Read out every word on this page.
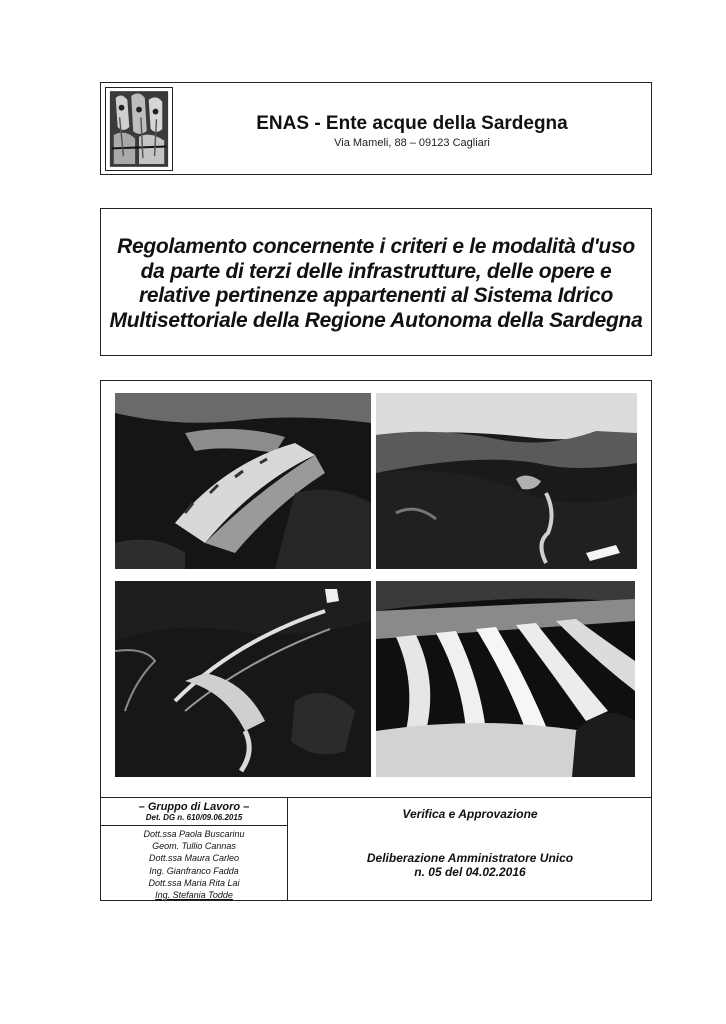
ENAS - Ente acque della Sardegna
Via Mameli, 88 – 09123 Cagliari
Regolamento concernente i criteri e le modalità d'uso da parte di terzi delle infrastrutture, delle opere e relative pertinenze appartenenti al Sistema Idrico Multisettoriale della Regione Autonoma della Sardegna
– Gruppo di Lavoro –
Det. DG n. 610/09.06.2015
Dott.ssa Paola Buscarinu
Geom. Tullio Cannas
Dott.ssa Maura Carleo
Ing. Gianfranco Fadda
Dott.ssa Maria Rita Lai
Ing. Stefania Todde
Verifica e Approvazione
Deliberazione Amministratore Unico
n. 05 del 04.02.2016
